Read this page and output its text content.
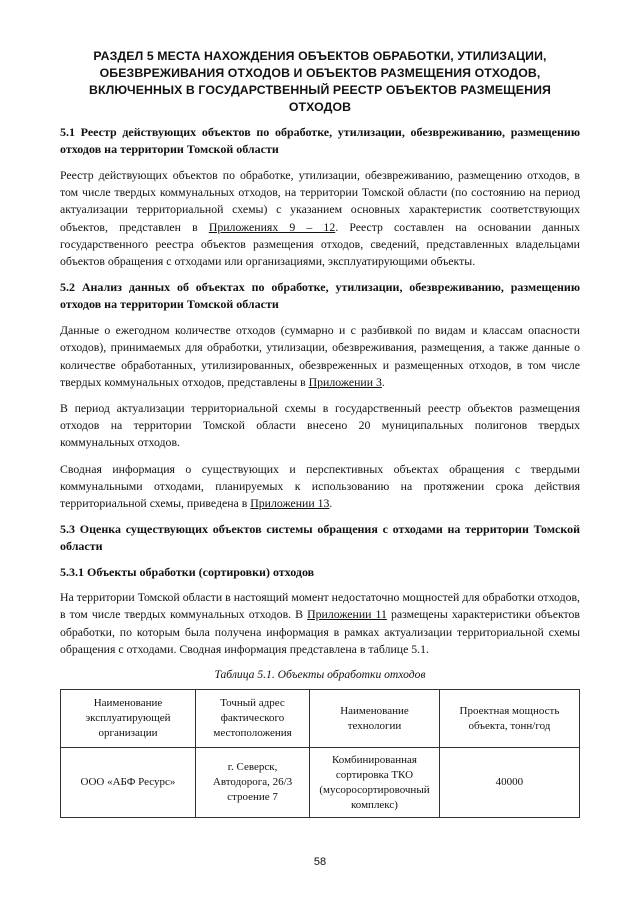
РАЗДЕЛ 5 МЕСТА НАХОЖДЕНИЯ ОБЪЕКТОВ ОБРАБОТКИ, УТИЛИЗАЦИИ, ОБЕЗВРЕЖИВАНИЯ ОТХОДОВ И ОБЪЕКТОВ РАЗМЕЩЕНИЯ ОТХОДОВ, ВКЛЮЧЕННЫХ В ГОСУДАРСТВЕННЫЙ РЕЕСТР ОБЪЕКТОВ РАЗМЕЩЕНИЯ ОТХОДОВ
5.1 Реестр действующих объектов по обработке, утилизации, обезвреживанию, размещению отходов на территории Томской области

Реестр действующих объектов по обработке, утилизации, обезвреживанию, размещению отходов, в том числе твердых коммунальных отходов, на территории Томской области (по состоянию на период актуализации территориальной схемы) с указанием основных характеристик соответствующих объектов, представлен в Приложениях 9 – 12. Реестр составлен на основании данных государственного реестра объектов размещения отходов, сведений, представленных владельцами объектов обращения с отходами или организациями, эксплуатирующими объекты.

5.2 Анализ данных об объектах по обработке, утилизации, обезвреживанию, размещению отходов на территории Томской области

Данные о ежегодном количестве отходов (суммарно и с разбивкой по видам и классам опасности отходов), принимаемых для обработки, утилизации, обезвреживания, размещения, а также данные о количестве обработанных, утилизированных, обезвреженных и размещенных отходов, в том числе твердых коммунальных отходов, представлены в Приложении 3.

В период актуализации территориальной схемы в государственный реестр объектов размещения отходов на территории Томской области внесено 20 муниципальных полигонов твердых коммунальных отходов.

Сводная информация о существующих и перспективных объектах обращения с твердыми коммунальными отходами, планируемых к использованию на протяжении срока действия территориальной схемы, приведена в Приложении 13.

5.3 Оценка существующих объектов системы обращения с отходами на территории Томской области
5.3.1 Объекты обработки (сортировки) отходов

На территории Томской области в настоящий момент недостаточно мощностей для обработки отходов, в том числе твердых коммунальных отходов. В Приложении 11 размещены характеристики объектов обработки, по которым была получена информация в рамках актуализации территориальной схемы обращения с отходами. Сводная информация представлена в таблице 5.1.

Таблица 5.1. Объекты обработки отходов
Наименование эксплуатирующей организации	Точный адрес фактического местоположения	Наименование технологии	Проектная мощность объекта, тонн/год
ООО «АБФ Ресурс»	г. Северск, Автодорога, 26/3 строение 7	Комбинированная сортировка ТКО (мусоросортировочный комплекс)	40000
58
